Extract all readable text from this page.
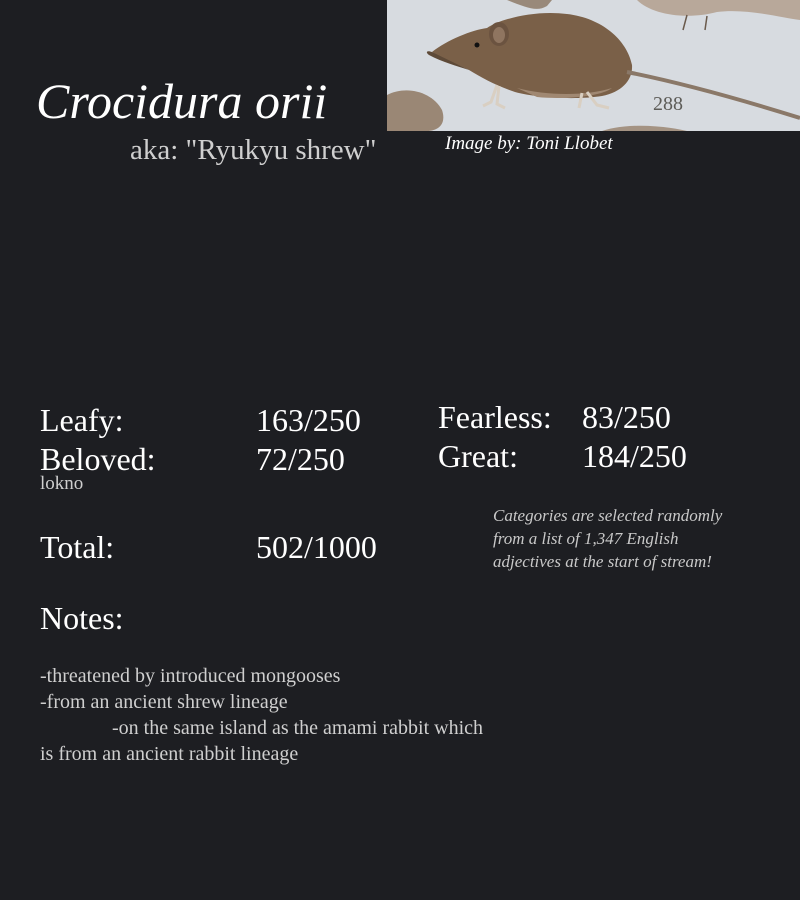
288
Crocidura orii
aka: "Ryukyu shrew"	Image by: Toni Llobet
Leafy:	163/250
Beloved:	72/250
lokno
Fearless: 83/250
Great: 184/250
Total:	502/1000
Categories are selected randomly
from a list of 1,347 English
adjectives at the start of stream!
Notes:
-threatened by introduced mongooses
-from an ancient shrew lineage
-on the same island as the amami rabbit which
is from an ancient rabbit lineage
